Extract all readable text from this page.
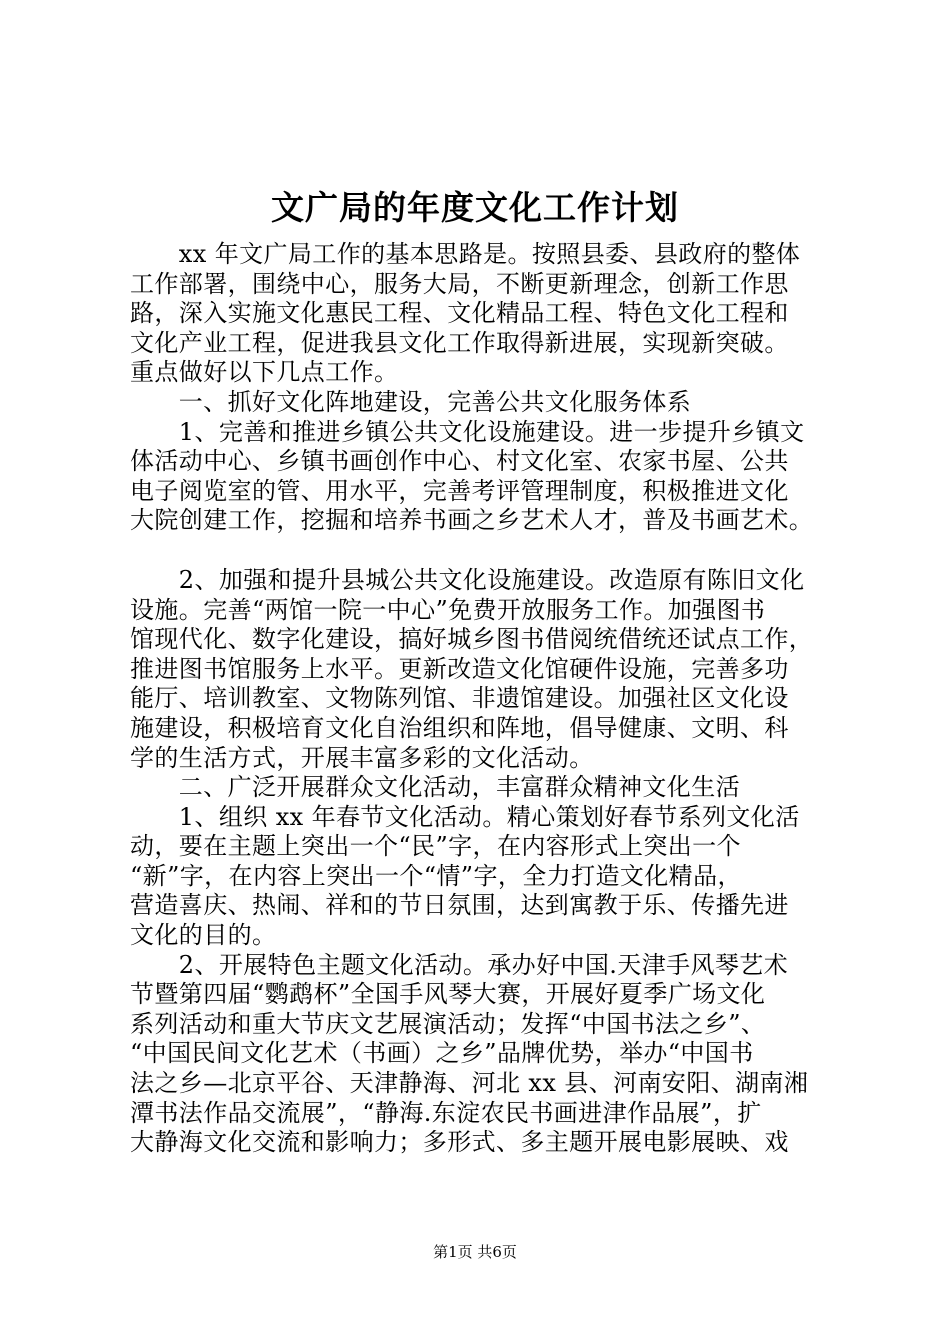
文广局的年度文化工作计划
　　xx 年文广局工作的基本思路是。按照县委、县政府的整体
工作部署，围绕中心，服务大局，不断更新理念，创新工作思
路，深入实施文化惠民工程、文化精品工程、特色文化工程和
文化产业工程，促进我县文化工作取得新进展，实现新突破。
重点做好以下几点工作。
　　一、抓好文化阵地建设，完善公共文化服务体系
　　1、完善和推进乡镇公共文化设施建设。进一步提升乡镇文
体活动中心、乡镇书画创作中心、村文化室、农家书屋、公共
电子阅览室的管、用水平，完善考评管理制度，积极推进文化
大院创建工作，挖掘和培养书画之乡艺术人才，普及书画艺术。
　　2、加强和提升县城公共文化设施建设。改造原有陈旧文化
设施。完善“两馆一院一中心”免费开放服务工作。加强图书
馆现代化、数字化建设，搞好城乡图书借阅统借统还试点工作，
推进图书馆服务上水平。更新改造文化馆硬件设施，完善多功
能厅、培训教室、文物陈列馆、非遗馆建设。加强社区文化设
施建设，积极培育文化自治组织和阵地，倡导健康、文明、科
学的生活方式，开展丰富多彩的文化活动。
　　二、广泛开展群众文化活动，丰富群众精神文化生活
　　1、组织 xx 年春节文化活动。精心策划好春节系列文化活
动，要在主题上突出一个“民”字，在内容形式上突出一个
“新”字，在内容上突出一个“情”字，全力打造文化精品，
营造喜庆、热闹、祥和的节日氛围，达到寓教于乐、传播先进
文化的目的。
　　2、开展特色主题文化活动。承办好中国.天津手风琴艺术
节暨第四届“鹦鹉杯”全国手风琴大赛，开展好夏季广场文化
系列活动和重大节庆文艺展演活动；发挥“中国书法之乡”、
“中国民间文化艺术（书画）之乡”品牌优势，举办“中国书
法之乡—北京平谷、天津静海、河北 xx 县、河南安阳、湖南湘
潭书法作品交流展”，“静海.东淀农民书画进津作品展”，扩
大静海文化交流和影响力；多形式、多主题开展电影展映、戏
第1页 共6页
